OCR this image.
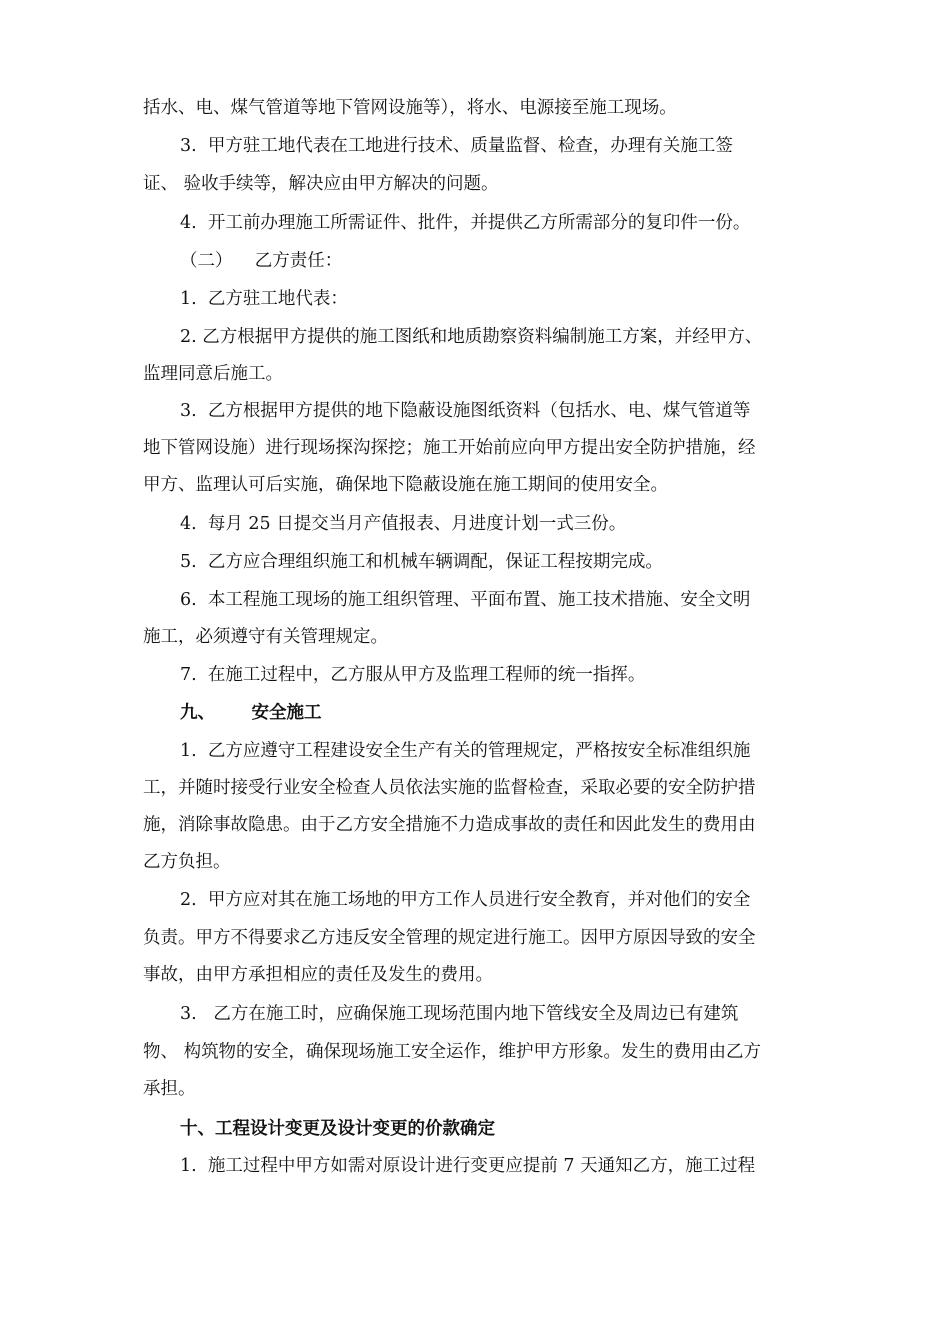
括水、电、煤气管道等地下管网设施等），将水、电源接至施工现场。
3.  甲方驻工地代表在工地进行技术、质量监督、检查，办理有关施工签
证、 验收手续等，解决应由甲方解决的问题。
4.  开工前办理施工所需证件、批件，并提供乙方所需部分的复印件一份。
（二）    乙方责任：
1.  乙方驻工地代表：
2. 乙方根据甲方提供的施工图纸和地质勘察资料编制施工方案，并经甲方、
监理同意后施工。
3.  乙方根据甲方提供的地下隐蔽设施图纸资料（包括水、电、煤气管道等
地下管网设施）进行现场探沟探挖；施工开始前应向甲方提出安全防护措施，经
甲方、监理认可后实施，确保地下隐蔽设施在施工期间的使用安全。
4.  每月 25 日提交当月产值报表、月进度计划一式三份。
5.  乙方应合理组织施工和机械车辆调配，保证工程按期完成。
6.  本工程施工现场的施工组织管理、平面布置、施工技术措施、安全文明
施工，必须遵守有关管理规定。
7.  在施工过程中，乙方服从甲方及监理工程师的统一指挥。
九、      安全施工
1.  乙方应遵守工程建设安全生产有关的管理规定，严格按安全标准组织施
工，并随时接受行业安全检查人员依法实施的监督检查，采取必要的安全防护措
施，消除事故隐患。由于乙方安全措施不力造成事故的责任和因此发生的费用由
乙方负担。
2.  甲方应对其在施工场地的甲方工作人员进行安全教育，并对他们的安全
负责。甲方不得要求乙方违反安全管理的规定进行施工。因甲方原因导致的安全
事故，由甲方承担相应的责任及发生的费用。
3.   乙方在施工时，应确保施工现场范围内地下管线安全及周边已有建筑
物、 构筑物的安全，确保现场施工安全运作，维护甲方形象。发生的费用由乙方
承担。
十、工程设计变更及设计变更的价款确定
1.  施工过程中甲方如需对原设计进行变更应提前 7 天通知乙方，施工过程
